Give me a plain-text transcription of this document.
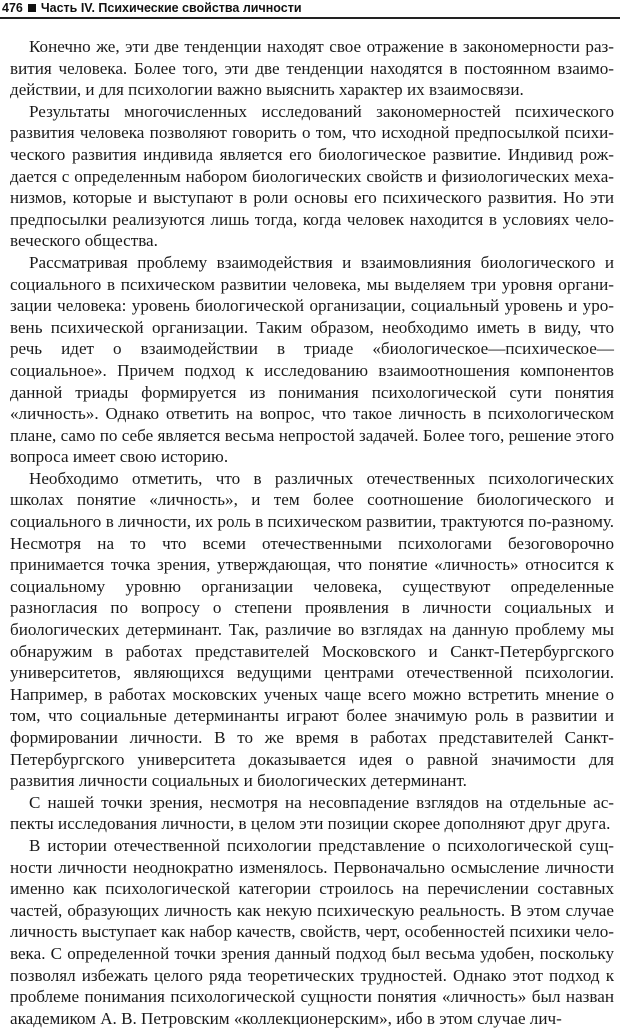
476 Часть IV. Психические свойства личности

Конечно же, эти две тенденции находят свое отражение в закономерности развития человека. Более того, эти две тенденции находятся в постоянном взаимодействии, и для психологии важно выяснить характер их взаимосвязи.

Результаты многочисленных исследований закономерностей психического развития человека позволяют говорить о том, что исходной предпосылкой психического развития индивида является его биологическое развитие. Индивид рождается с определенным набором биологических свойств и физиологических механизмов, которые и выступают в роли основы его психического развития. Но эти предпосылки реализуются лишь тогда, когда человек находится в условиях человеческого общества.

Рассматривая проблему взаимодействия и взаимовлияния биологического и социального в психическом развитии человека, мы выделяем три уровня организации человека: уровень биологической организации, социальный уровень и уровень психической организации. Таким образом, необходимо иметь в виду, что речь идет о взаимодействии в триаде «биологическое—психическое—социальное». Причем подход к исследованию взаимоотношения компонентов данной триады формируется из понимания психологической сути понятия «личность». Однако ответить на вопрос, что такое личность в психологическом плане, само по себе является весьма непростой задачей. Более того, решение этого вопроса имеет свою историю.

Необходимо отметить, что в различных отечественных психологических школах понятие «личность», и тем более соотношение биологического и социального в личности, их роль в психическом развитии, трактуются по-разному. Несмотря на то что всеми отечественными психологами безоговорочно принимается точка зрения, утверждающая, что понятие «личность» относится к социальному уровню организации человека, существуют определенные разногласия по вопросу о степени проявления в личности социальных и биологических детерминант. Так, различие во взглядах на данную проблему мы обнаружим в работах представителей Московского и Санкт-Петербургского университетов, являющихся ведущими центрами отечественной психологии. Например, в работах московских ученых чаще всего можно встретить мнение о том, что социальные детерминанты играют более значимую роль в развитии и формировании личности. В то же время в работах представителей Санкт-Петербургского университета доказывается идея о равной значимости для развития личности социальных и биологических детерминант.

С нашей точки зрения, несмотря на несовпадение взглядов на отдельные аспекты исследования личности, в целом эти позиции скорее дополняют друг друга.

В истории отечественной психологии представление о психологической сущности личности неоднократно изменялось. Первоначально осмысление личности именно как психологической категории строилось на перечислении составных частей, образующих личность как некую психическую реальность. В этом случае личность выступает как набор качеств, свойств, черт, особенностей психики человека. С определенной точки зрения данный подход был весьма удобен, поскольку позволял избежать целого ряда теоретических трудностей. Однако этот подход к проблеме понимания психологической сущности понятия «личность» был назван академиком А. В. Петровским «коллекционерским», ибо в этом случае лич-
